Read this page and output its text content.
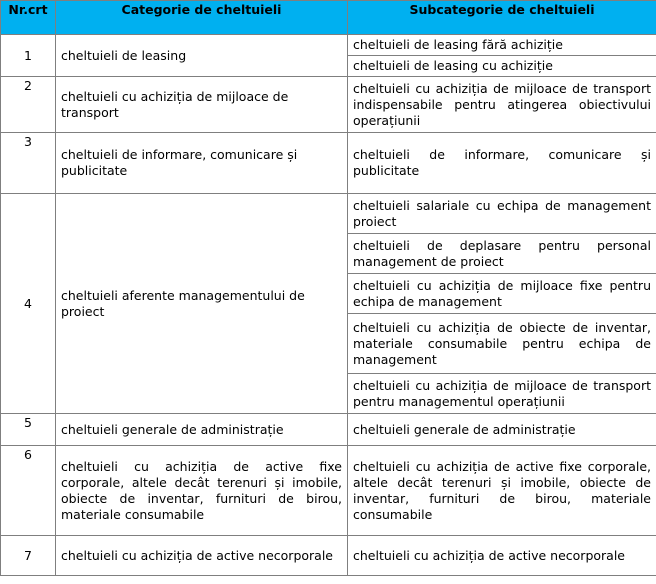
Nr.crt	Categorie de cheltuieli	Subcategorie de cheltuieli
1	cheltuieli de leasing	cheltuieli de leasing fără achiziție
		cheltuieli de leasing cu achiziție
2	cheltuieli cu achiziția de mijloace de transport	cheltuieli cu achiziția de mijloace de transport indispensabile pentru atingerea obiectivului operațiunii
3	cheltuieli de informare, comunicare și publicitate	cheltuieli de informare, comunicare și publicitate
4	cheltuieli aferente managementului de proiect	cheltuieli salariale cu echipa de management proiect
		cheltuieli de deplasare pentru personal management de proiect
		cheltuieli cu achiziția de mijloace fixe pentru echipa de management
		cheltuieli cu achiziția de obiecte de inventar, materiale consumabile pentru echipa de management
		cheltuieli cu achiziția de mijloace de transport pentru managementul operațiunii
5	cheltuieli generale de administrație	cheltuieli generale de administrație
6	cheltuieli cu achiziția de active fixe corporale, altele decât terenuri și imobile, obiecte de inventar, furnituri de birou, materiale consumabile	cheltuieli cu achiziția de active fixe corporale, altele decât terenuri și imobile, obiecte de inventar, furnituri de birou, materiale consumabile
7	cheltuieli cu achiziția de active necorporale	cheltuieli cu achiziția de active necorporale
